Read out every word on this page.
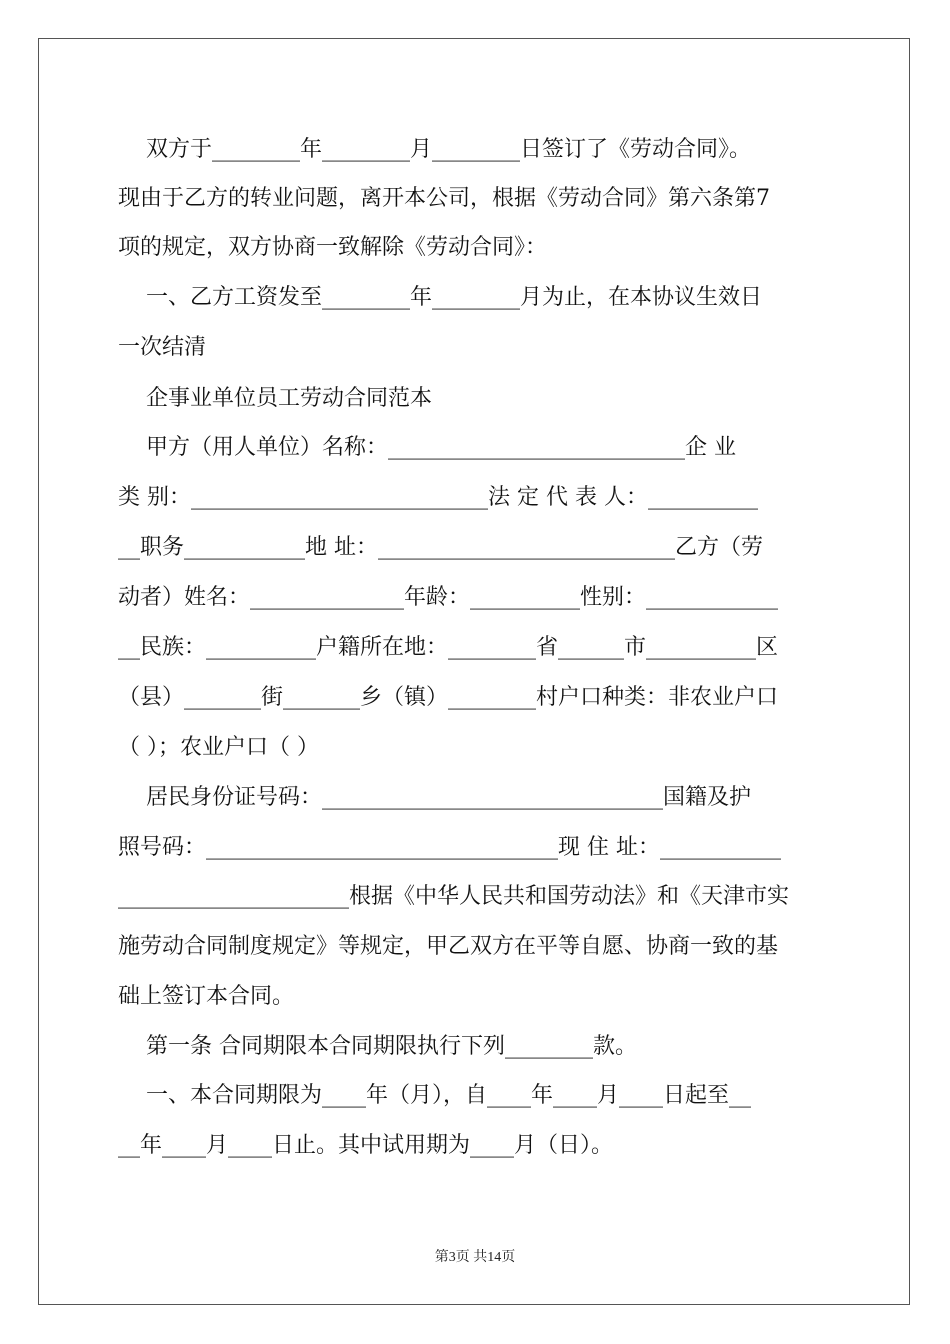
双方于________年________月________日签订了《劳动合同》。
现由于乙方的转业问题，离开本公司，根据《劳动合同》第六条第7
项的规定，双方协商一致解除《劳动合同》：
一、乙方工资发至________年________月为止，在本协议生效日
一次结清
企事业单位员工劳动合同范本
甲方（用人单位）名称：___________________________企 业
类 别：___________________________法 定 代 表 人：__________
__职务___________地 址：___________________________乙方（劳
动者）姓名：______________年龄：__________性别：____________
__民族：__________户籍所在地：________省______市__________区
（县）_______街_______乡（镇）________村户口种类：非农业户口
（ ）；农业户口（ ）
居民身份证号码：_______________________________国籍及护
照号码：________________________________现 住 址：___________
_____________________根据《中华人民共和国劳动法》和《天津市实
施劳动合同制度规定》等规定，甲乙双方在平等自愿、协商一致的基
础上签订本合同。
第一条 合同期限本合同期限执行下列________款。
一、本合同期限为____年（月），自____年____月____日起至__
__年____月____日止。其中试用期为____月（日）。
第3页 共14页
